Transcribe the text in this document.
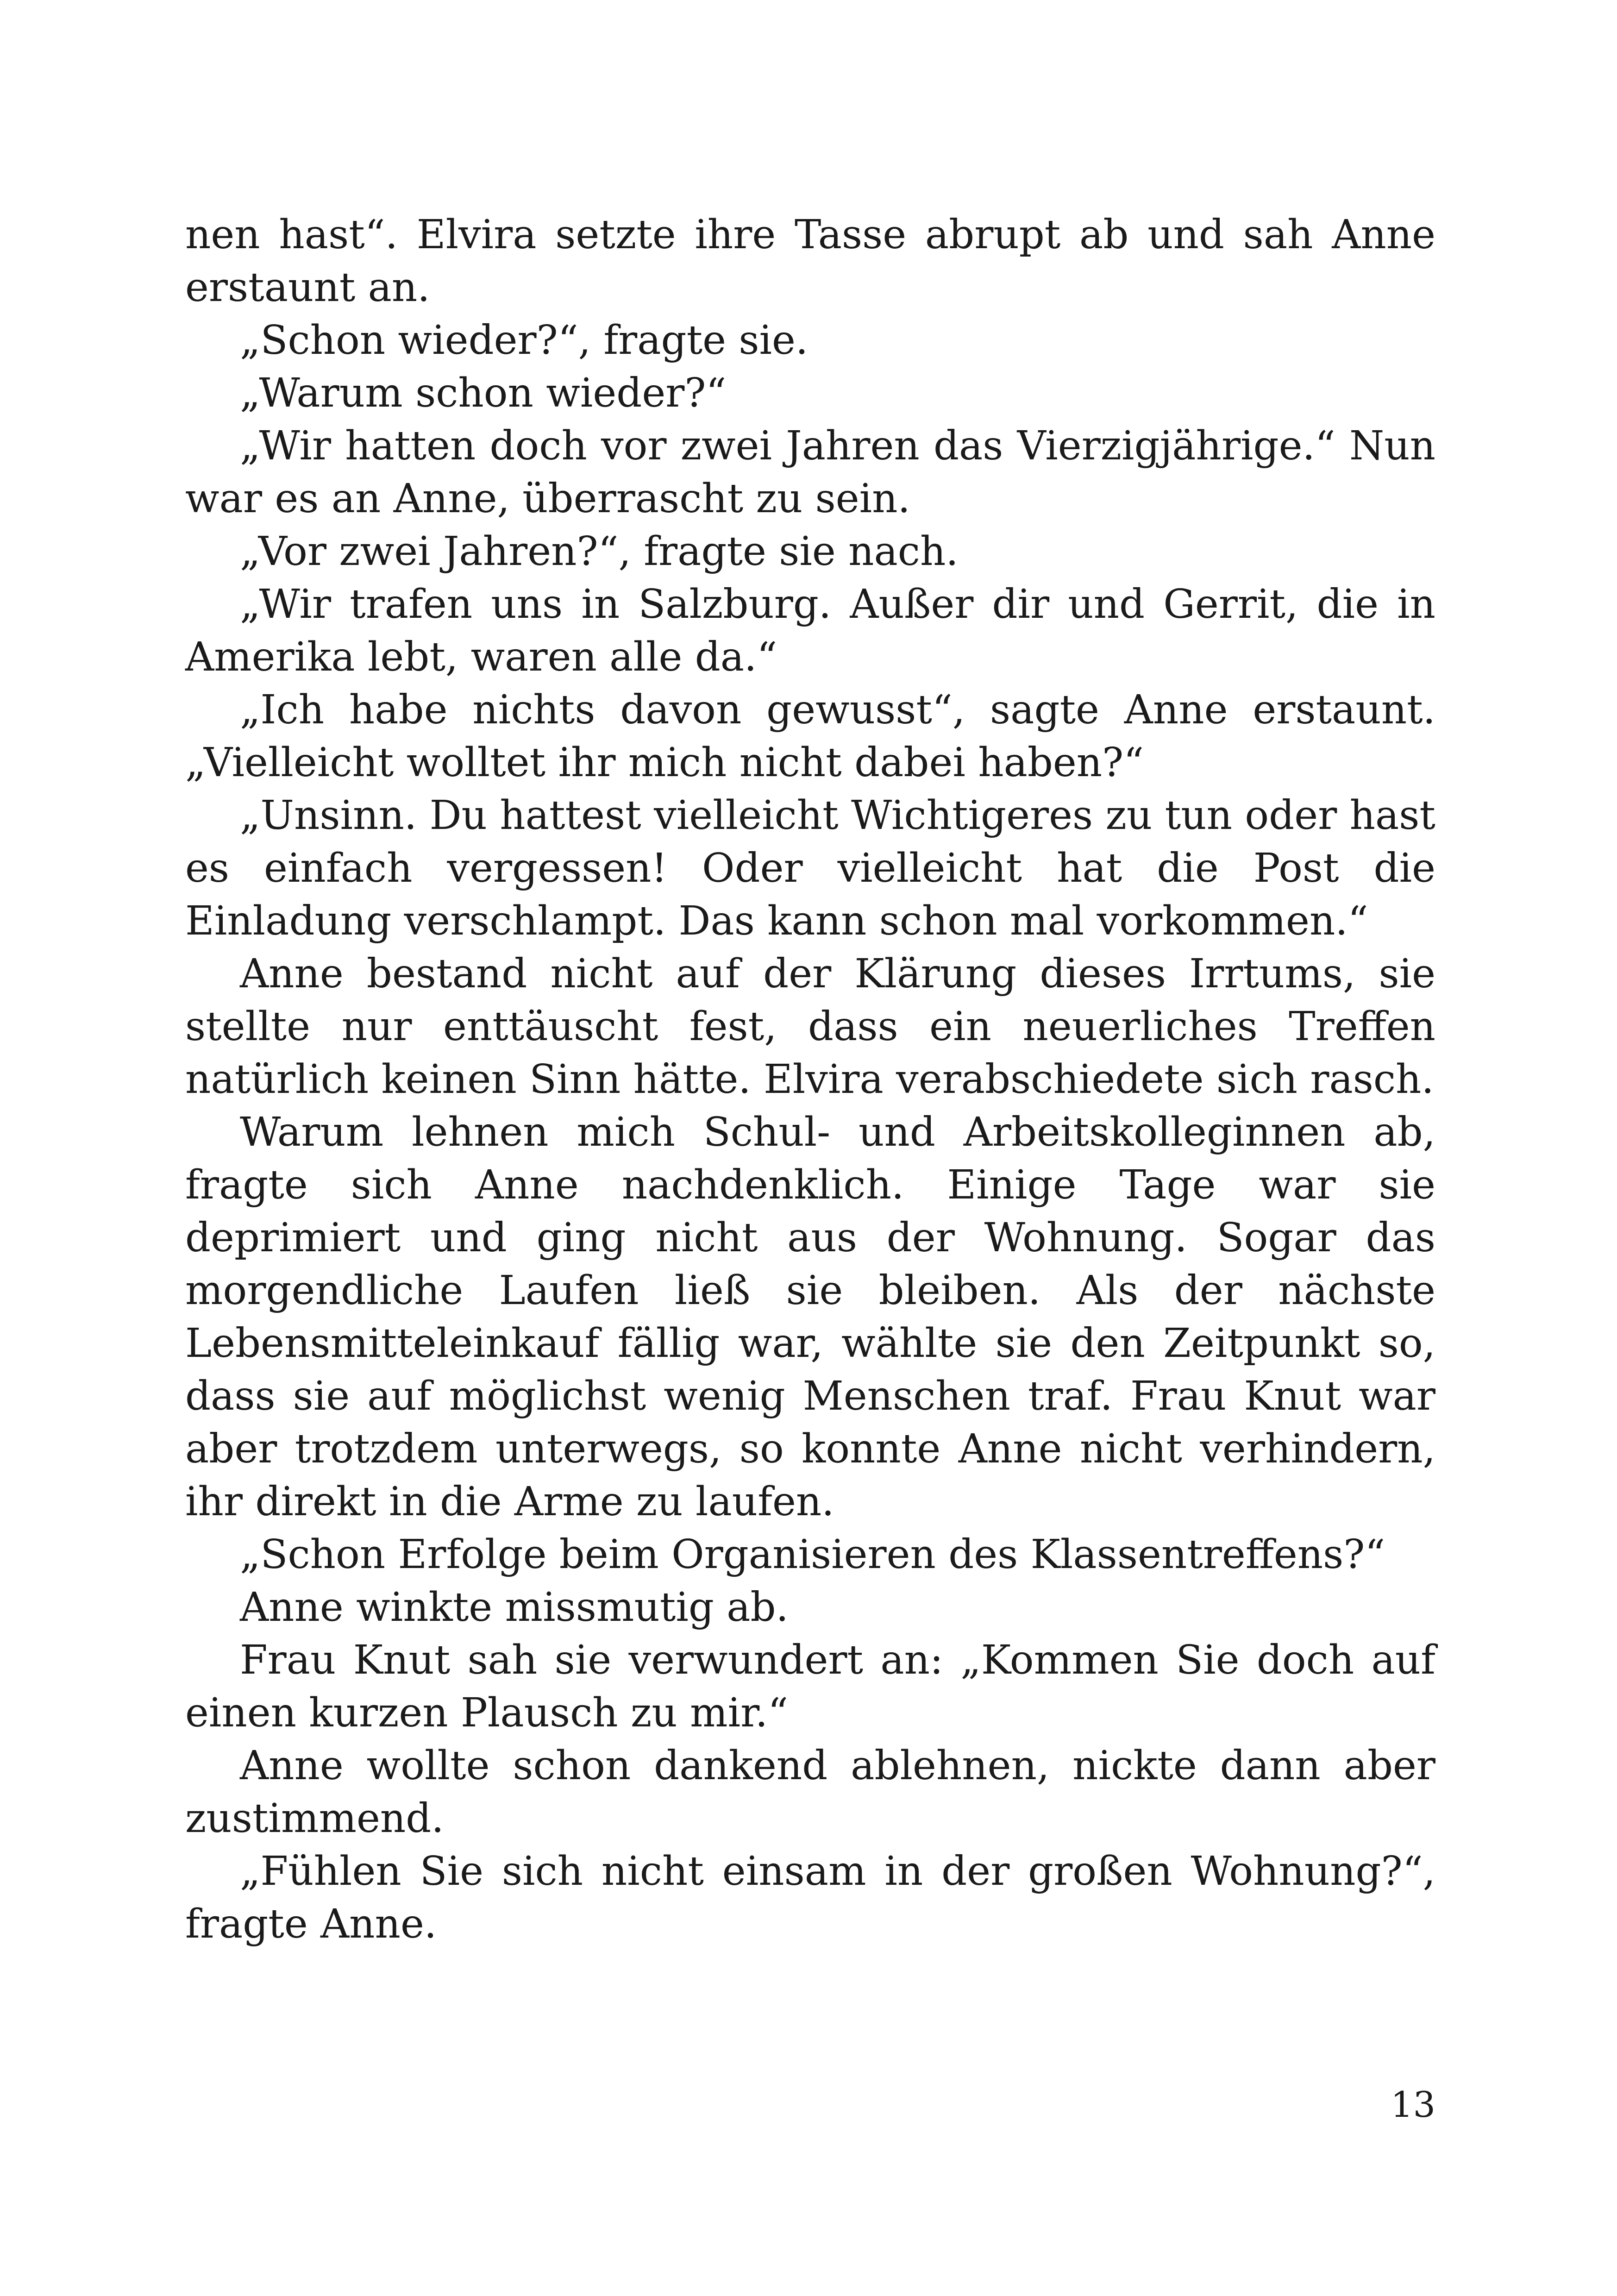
nen hast“. Elvira setzte ihre Tasse abrupt ab und sah Anne erstaunt an.

„Schon wieder?“, fragte sie.

„Warum schon wieder?“

„Wir hatten doch vor zwei Jahren das Vierzigjährige.“ Nun war es an Anne, überrascht zu sein.

„Vor zwei Jahren?“, fragte sie nach.

„Wir trafen uns in Salzburg. Außer dir und Gerrit, die in Amerika lebt, waren alle da.“

„Ich habe nichts davon gewusst“, sagte Anne erstaunt. „Vielleicht wolltet ihr mich nicht dabei haben?“

„Unsinn. Du hattest vielleicht Wichtigeres zu tun oder hast es einfach vergessen! Oder vielleicht hat die Post die Einladung verschlampt. Das kann schon mal vorkommen.“

Anne bestand nicht auf der Klärung dieses Irrtums, sie stellte nur enttäuscht fest, dass ein neuerliches Treffen natürlich keinen Sinn hätte. Elvira verabschiedete sich rasch.

Warum lehnen mich Schul- und Arbeitskolleginnen ab, fragte sich Anne nachdenklich. Einige Tage war sie deprimiert und ging nicht aus der Wohnung. Sogar das morgendliche Laufen ließ sie bleiben. Als der nächste Lebensmitteleinkauf fällig war, wählte sie den Zeitpunkt so, dass sie auf möglichst wenig Menschen traf. Frau Knut war aber trotzdem unterwegs, so konnte Anne nicht verhindern, ihr direkt in die Arme zu laufen.

„Schon Erfolge beim Organisieren des Klassentreffens?“

Anne winkte missmutig ab.

Frau Knut sah sie verwundert an: „Kommen Sie doch auf einen kurzen Plausch zu mir.“

Anne wollte schon dankend ablehnen, nickte dann aber zustimmend.

„Fühlen Sie sich nicht einsam in der großen Wohnung?“, fragte Anne.

13
